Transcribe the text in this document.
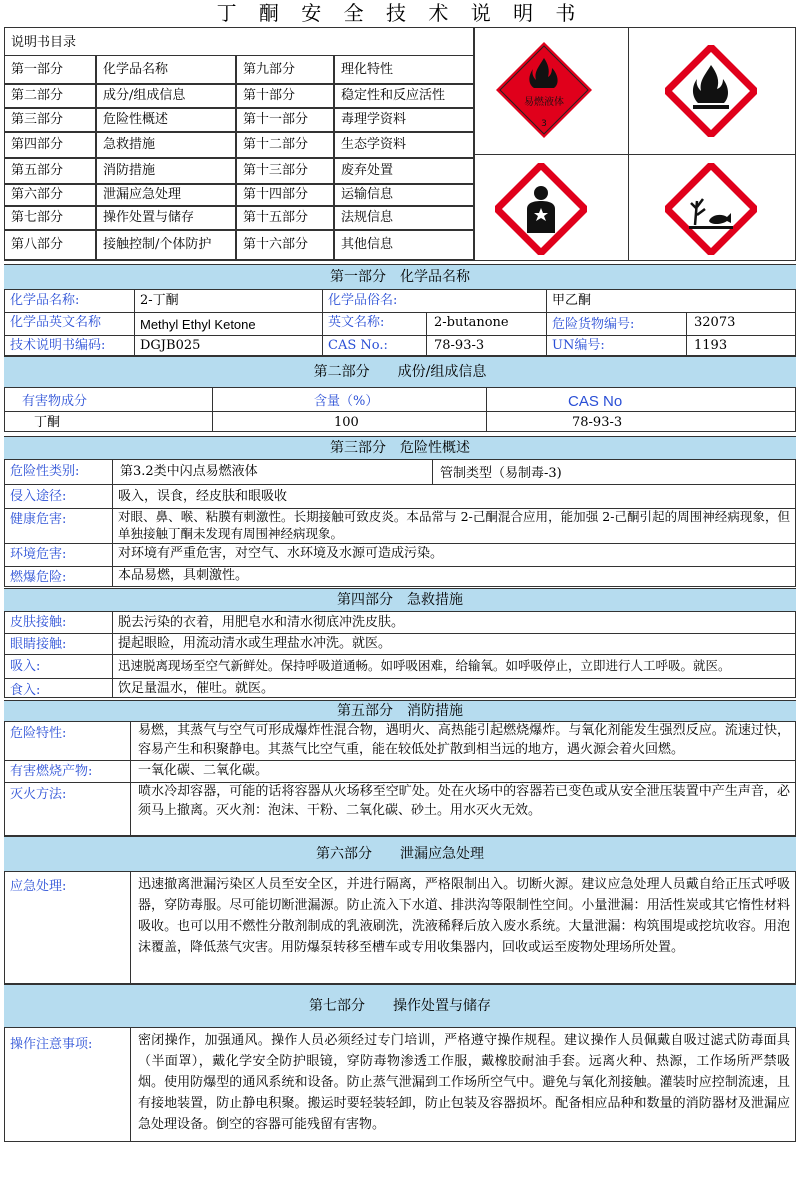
丁 酮 安 全 技 术 说 明 书
说明书目录
第一部分	化学品名称	第九部分	理化特性
第二部分	成分/组成信息	第十部分	稳定性和反应活性
第三部分	危险性概述	第十一部分	毒理学资料
第四部分	急救措施	第十二部分	生态学资料
第五部分	消防措施	第十三部分	废弃处置
第六部分	泄漏应急处理	第十四部分	运输信息
第七部分	操作处置与储存	第十五部分	法规信息
第八部分	接触控制/个体防护	第十六部分	其他信息
易燃液体
3
第一部分　化学品名称
化学品名称:	2-丁酮	化学品俗名:	甲乙酮
化学品英文名称	Methyl Ethyl Ketone	英文名称:	2-butanone	危险货物编号:	32073
技术说明书编码:	DGJB025	CAS No.:	78-93-3	UN编号:	1193
第二部分　　成份/组成信息
有害物成分	含量（%）	CAS No
丁酮	100	78-93-3
第三部分　危险性概述
危险性类别:	第3.2类中闪点易燃液体	管制类型（易制毒-3)
侵入途径:	吸入，误食，经皮肤和眼吸收
健康危害:	对眼、鼻、喉、粘膜有刺激性。长期接触可致皮炎。本品常与 2-己酮混合应用，能加强 2-己酮引起的周围神经病现象，但单独接触丁酮未发现有周围神经病现象。
环境危害:	对环境有严重危害，对空气、水环境及水源可造成污染。
燃爆危险:	本品易燃，具刺激性。
第四部分　急救措施
皮肤接触:	脱去污染的衣着，用肥皂水和清水彻底冲洗皮肤。
眼睛接触:	提起眼睑，用流动清水或生理盐水冲洗。就医。
吸入:	迅速脱离现场至空气新鲜处。保持呼吸道通畅。如呼吸困难，给输氧。如呼吸停止，立即进行人工呼吸。就医。
食入:	饮足量温水，催吐。就医。
第五部分　消防措施
危险特性:	易燃，其蒸气与空气可形成爆炸性混合物，遇明火、高热能引起燃烧爆炸。与氧化剂能发生强烈反应。流速过快，容易产生和积聚静电。其蒸气比空气重，能在较低处扩散到相当远的地方，遇火源会着火回燃。
有害燃烧产物:	一氧化碳、二氧化碳。
灭火方法:	喷水冷却容器，可能的话将容器从火场移至空旷处。处在火场中的容器若已变色或从安全泄压装置中产生声音，必须马上撤离。灭火剂：泡沫、干粉、二氧化碳、砂土。用水灭火无效。
第六部分　　泄漏应急处理
应急处理:	迅速撤离泄漏污染区人员至安全区，并进行隔离，严格限制出入。切断火源。建议应急处理人员戴自给正压式呼吸器，穿防毒服。尽可能切断泄漏源。防止流入下水道、排洪沟等限制性空间。小量泄漏：用活性炭或其它惰性材料吸收。也可以用不燃性分散剂制成的乳液刷洗，洗液稀释后放入废水系统。大量泄漏：构筑围堤或挖坑收容。用泡沫覆盖，降低蒸气灾害。用防爆泵转移至槽车或专用收集器内，回收或运至废物处理场所处置。
第七部分　　操作处置与储存
操作注意事项:	密闭操作，加强通风。操作人员必须经过专门培训，严格遵守操作规程。建议操作人员佩戴自吸过滤式防毒面具（半面罩），戴化学安全防护眼镜，穿防毒物渗透工作服，戴橡胶耐油手套。远离火种、热源，工作场所严禁吸烟。使用防爆型的通风系统和设备。防止蒸气泄漏到工作场所空气中。避免与氧化剂接触。灌装时应控制流速，且有接地装置，防止静电积聚。搬运时要轻装轻卸，防止包装及容器损坏。配备相应品种和数量的消防器材及泄漏应急处理设备。倒空的容器可能残留有害物。
